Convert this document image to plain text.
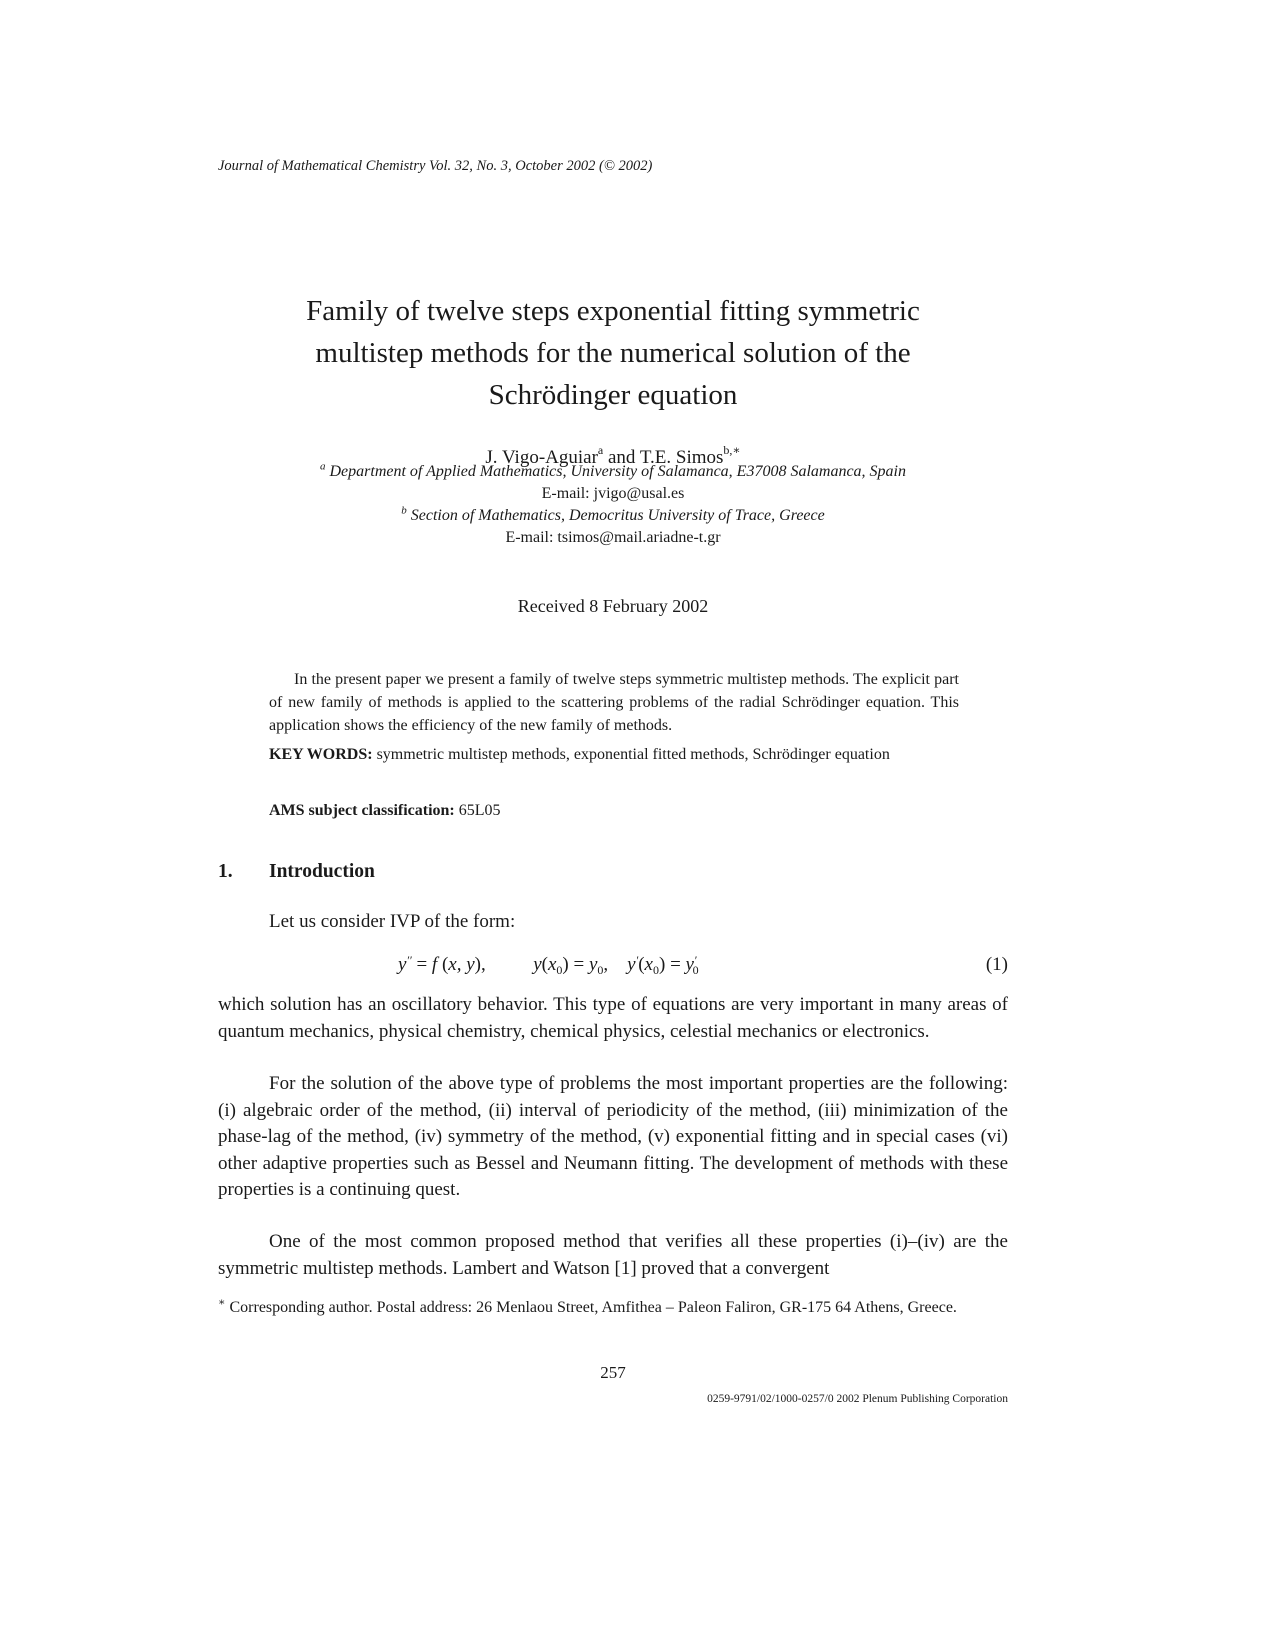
Journal of Mathematical Chemistry Vol. 32, No. 3, October 2002 (© 2002)
Family of twelve steps exponential fitting symmetric
multistep methods for the numerical solution of the
Schrödinger equation
J. Vigo-Aguiar$^a$ and T.E. Simos$^{b,∗}$
$^a$ Department of Applied Mathematics, University of Salamanca, E37008 Salamanca, Spain
E-mail: jvigo@usal.es
$^b$ Section of Mathematics, Democritus University of Trace, Greece
E-mail: tsimos@mail.ariadne-t.gr
Received 8 February 2002
In the present paper we present a family of twelve steps symmetric multistep methods. The explicit part of new family of methods is applied to the scattering problems of the radial Schrödinger equation. This application shows the efficiency of the new family of methods.
KEY WORDS: symmetric multistep methods, exponential fitted methods, Schrödinger equation
AMS subject classification: 65L05
1. Introduction
Let us consider IVP of the form:
y′′ = f (x, y),          $y(x_0) = y_0$,    $y'(x_0) = y'_0$	(1)
which solution has an oscillatory behavior. This type of equations are very important in many areas of quantum mechanics, physical chemistry, chemical physics, celestial mechanics or electronics.
For the solution of the above type of problems the most important properties are the following: (i) algebraic order of the method, (ii) interval of periodicity of the method, (iii) minimization of the phase-lag of the method, (iv) symmetry of the method, (v) exponential fitting and in special cases (vi) other adaptive properties such as Bessel and Neumann fitting. The development of methods with these properties is a continuing quest.
One of the most common proposed method that verifies all these properties (i)–(iv) are the symmetric multistep methods. Lambert and Watson [1] proved that a convergent
∗ Corresponding author. Postal address: 26 Menlaou Street, Amfithea – Paleon Faliron, GR-175 64 Athens, Greece.
257
0259-9791/02/1000-0257/0 2002 Plenum Publishing Corporation
